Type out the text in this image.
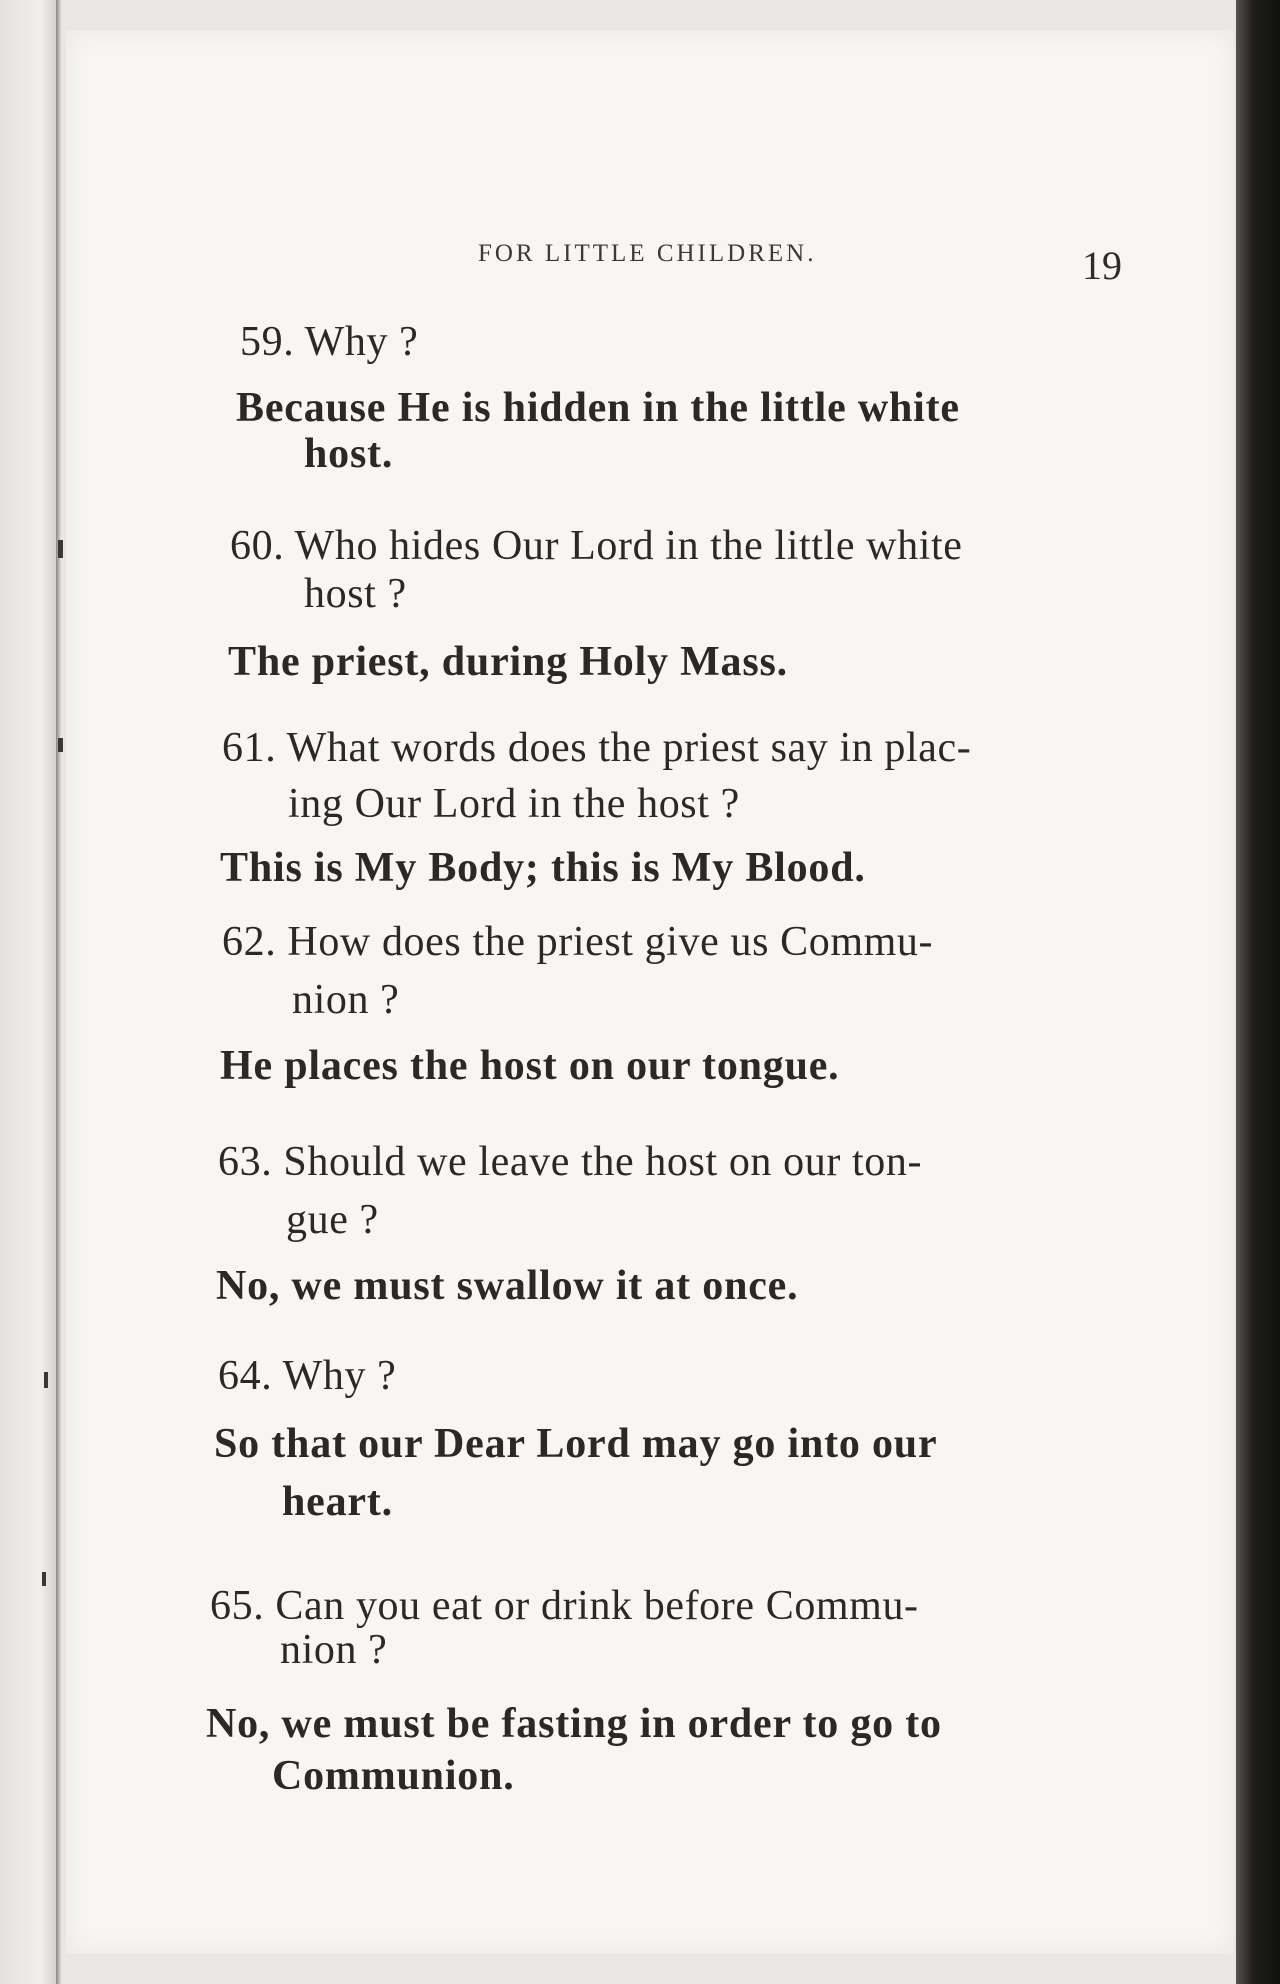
FOR LITTLE CHILDREN.	19
59. Why ?
Because He is hidden in the little white
host.
60. Who hides Our Lord in the little white
host ?
The priest, during Holy Mass.
61. What words does the priest say in plac-
ing Our Lord in the host ?
This is My Body; this is My Blood.
62. How does the priest give us Commu-
nion ?
He places the host on our tongue.
63. Should we leave the host on our ton-
gue ?
No, we must swallow it at once.
64. Why ?
So that our Dear Lord may go into our
heart.
65. Can you eat or drink before Commu-
nion ?
No, we must be fasting in order to go to
Communion.
